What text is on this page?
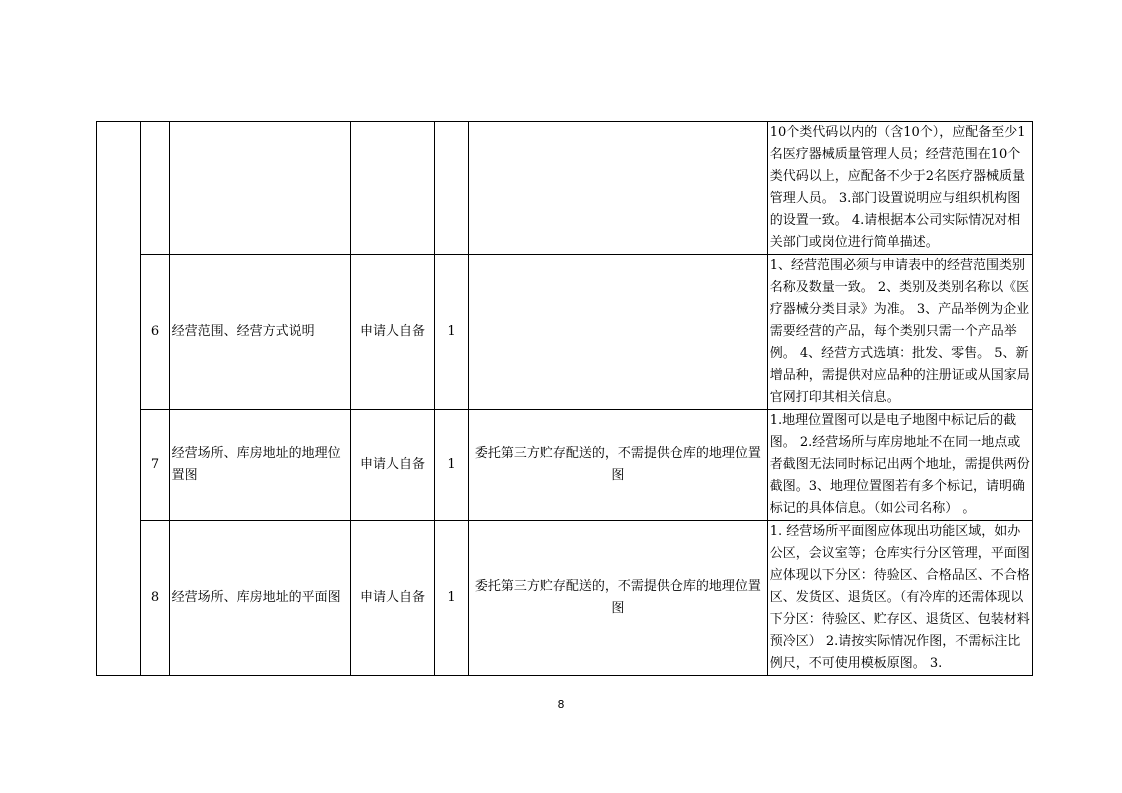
						10个类代码以内的（含10个），应配备至少1名医疗器械质量管理人员；经营范围在10个类代码以上，应配备不少于2名医疗器械质量管理人员。 3.部门设置说明应与组织机构图的设置一致。 4.请根据本公司实际情况对相关部门或岗位进行简单描述。
	6	经营范围、经营方式说明	申请人自备	1		1、经营范围必须与申请表中的经营范围类别名称及数量一致。 2、类别及类别名称以《医疗器械分类目录》为准。 3、产品举例为企业需要经营的产品，每个类别只需一个产品举例。 4、经营方式选填：批发、零售。 5、新增品种，需提供对应品种的注册证或从国家局官网打印其相关信息。
	7	经营场所、库房地址的地理位置图	申请人自备	1	委托第三方贮存配送的，不需提供仓库的地理位置图	1.地理位置图可以是电子地图中标记后的截图。 2.经营场所与库房地址不在同一地点或者截图无法同时标记出两个地址，需提供两份截图。3、地理位置图若有多个标记，请明确标记的具体信息。（如公司名称） 。
	8	经营场所、库房地址的平面图	申请人自备	1	委托第三方贮存配送的，不需提供仓库的地理位置图	1. 经营场所平面图应体现出功能区域，如办公区，会议室等；仓库实行分区管理，平面图应体现以下分区：待验区、合格品区、不合格区、发货区、退货区。（有冷库的还需体现以下分区：待验区、贮存区、退货区、包装材料预冷区） 2.请按实际情况作图，不需标注比例尺，不可使用模板原图。 3.
8
